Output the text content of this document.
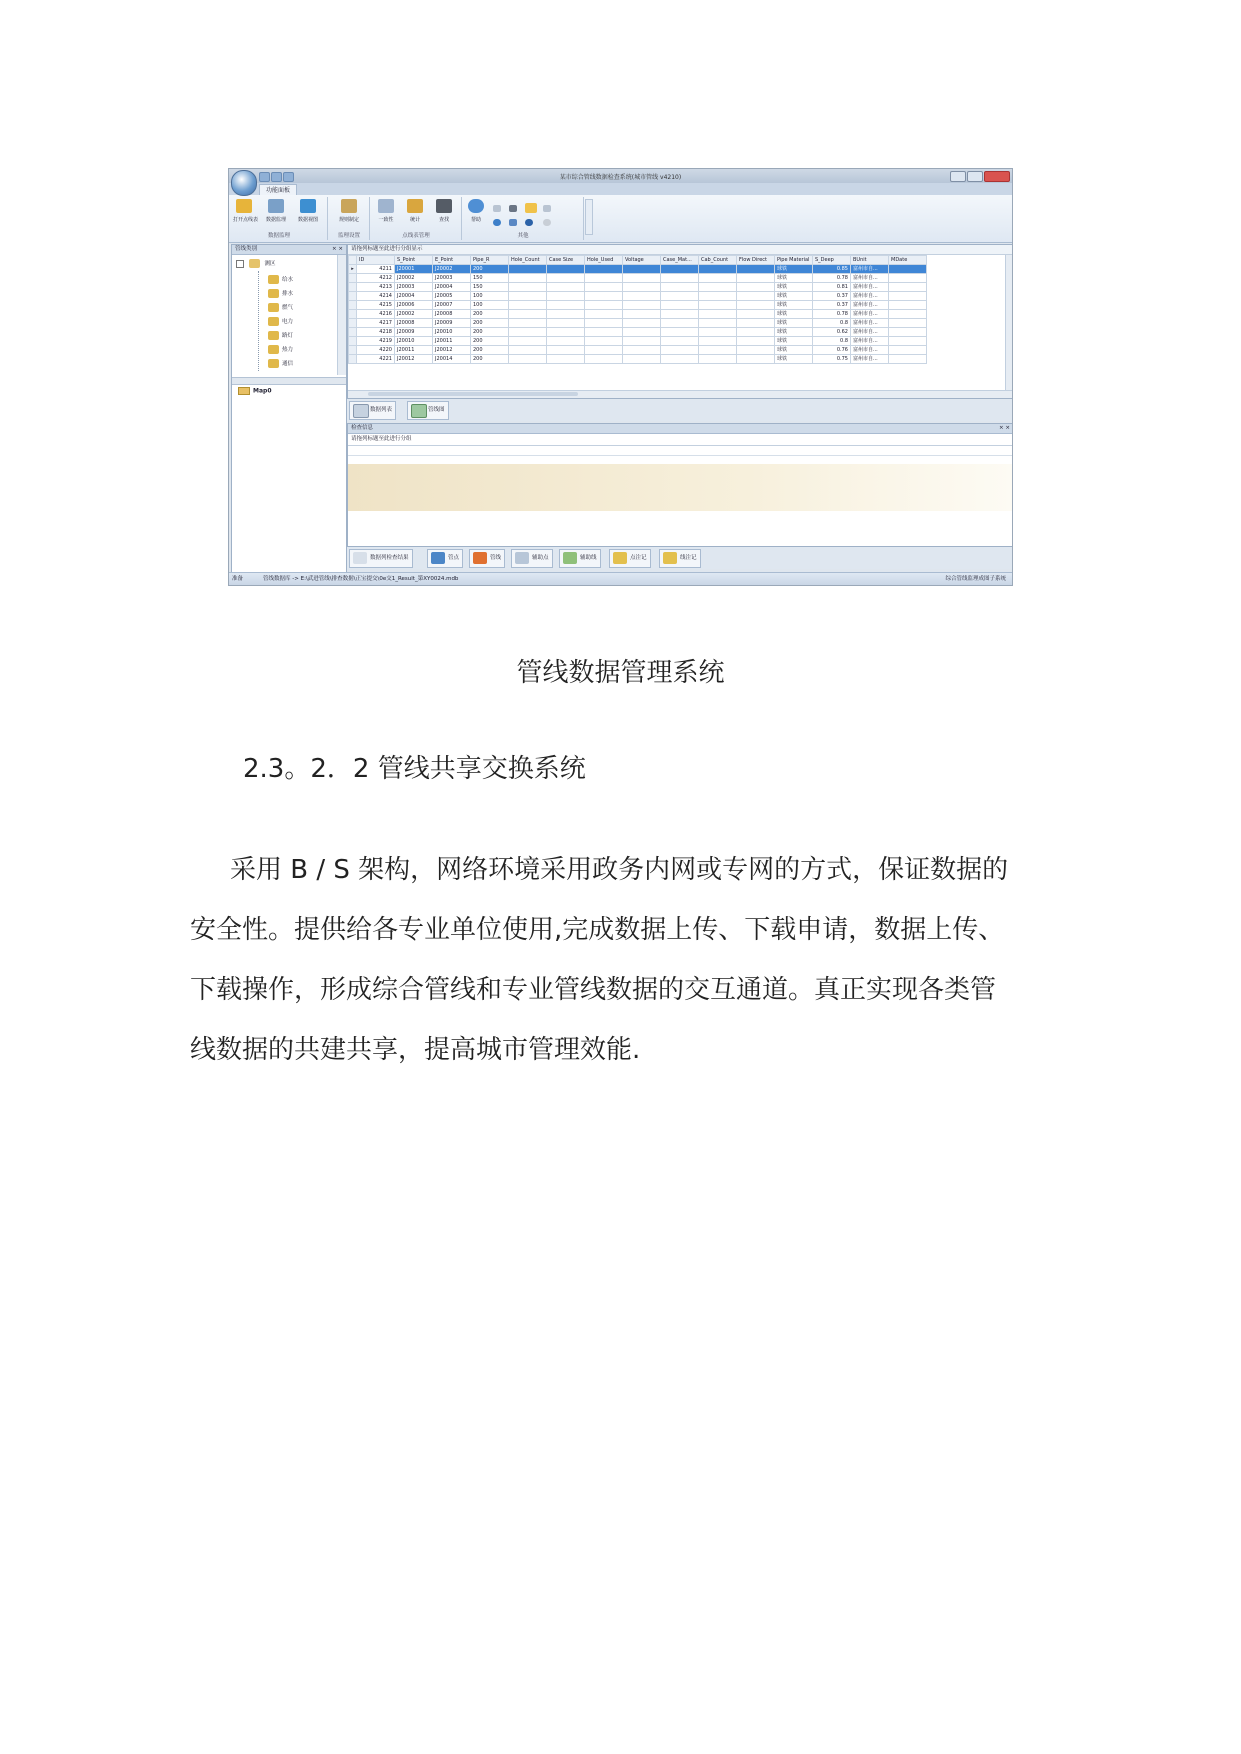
某市综合管线数据检查系统(城市管线 v4210)
功能面板
打开点线表 数据监理 数据视图
数据监理
规则制定
监理设置
一致性	统计	查找
点线表管理
帮助
其他
管线类别	× ×
测区
给水
排水
燃气
电力
路灯
热力
通信
Map0
请拖列标题至此进行分组显示
	ID	S_Point	E_Point	Pipe_R	Hole_Count	Case Size	Hole_Used	Voltage	Case_Mat...	Cab_Count	Flow Direct	Pipe Material	S_Deep	BUnit	MDate
▸	4211	J20001	J20002	200								球铁	0.85	富州市自...	
	4212	J20002	J20003	150								球铁	0.78	富州市自...	
	4213	J20003	J20004	150								球铁	0.81	富州市自...	
	4214	J20004	J20005	100								球铁	0.37	富州市自...	
	4215	J20006	J20007	100								球铁	0.37	富州市自...	
	4216	J20002	J20008	200								球铁	0.78	富州市自...	
	4217	J20008	J20009	200								球铁	0.8	富州市自...	
	4218	J20009	J20010	200								球铁	0.62	富州市自...	
	4219	J20010	J20011	200								球铁	0.8	富州市自...	
	4220	J20011	J20012	200								球铁	0.76	富州市自...	
	4221	J20012	J20014	200								球铁	0.75	富州市自...	
数据列表	管线图
检查信息	× ×
请拖列标题至此进行分组
数据列检查结果	管点	管线	辅助点	辅助线	点注记	线注记
准备	管线数据库 -> E:\武进管线\排查数据\正宝提交\0e交1_Result_第XY0024.mdb	综合管线监理成图子系统
管线数据管理系统
2.3。2．2 管线共享交换系统

采用 B / S 架构，网络环境采用政务内网或专网的方式，保证数据的
安全性。提供给各专业单位使用,完成数据上传、下载申请，数据上传、
下载操作，形成综合管线和专业管线数据的交互通道。真正实现各类管
线数据的共建共享，提高城市管理效能.
